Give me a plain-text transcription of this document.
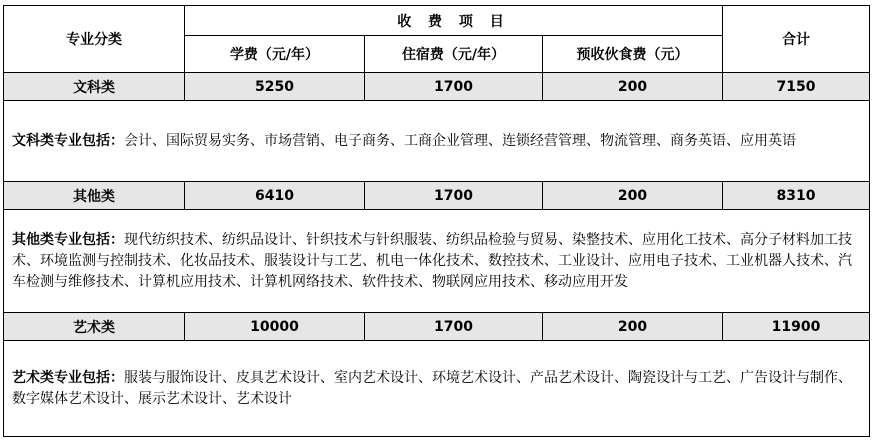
专业分类	收 费 项 目			合计
	学费（元/年）	住宿费（元/年）	预收伙食费（元）	
文科类	5250	1700	200	7150
文科类专业包括：会计、国际贸易实务、市场营销、电子商务、工商企业管理、连锁经营管理、物流管理、商务英语、应用英语				
其他类	6410	1700	200	8310
其他类专业包括：现代纺织技术、纺织品设计、针织技术与针织服装、纺织品检验与贸易、染整技术、应用化工技术、高分子材料加工技术、环境监测与控制技术、化妆品技术、服装设计与工艺、机电一体化技术、数控技术、工业设计、应用电子技术、工业机器人技术、汽车检测与维修技术、计算机应用技术、计算机网络技术、软件技术、物联网应用技术、移动应用开发				
艺术类	10000	1700	200	11900
艺术类专业包括：服装与服饰设计、皮具艺术设计、室内艺术设计、环境艺术设计、产品艺术设计、陶瓷设计与工艺、广告设计与制作、数字媒体艺术设计、展示艺术设计、艺术设计				
